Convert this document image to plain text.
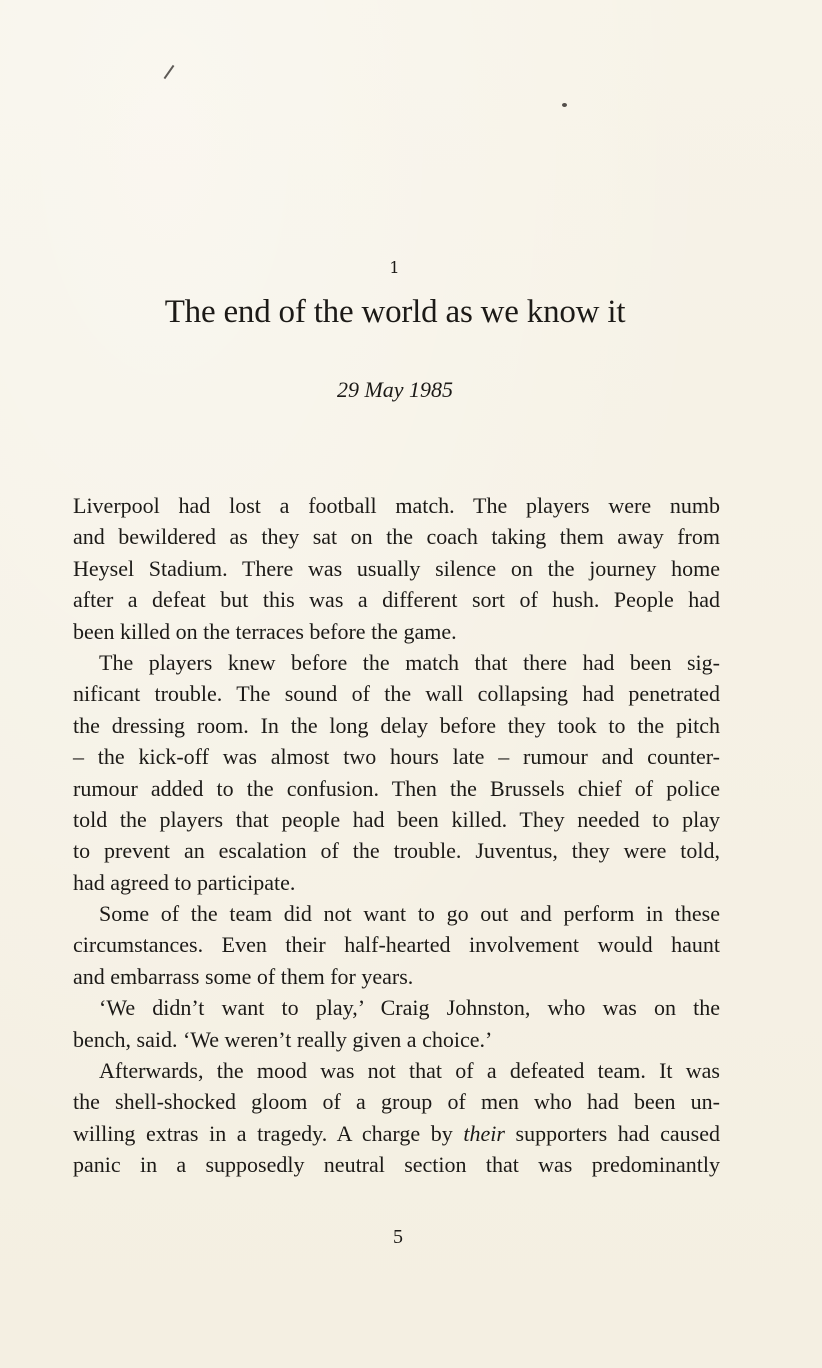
1
The end of the world as we know it
29 May 1985
Liverpool had lost a football match. The players were numb
and bewildered as they sat on the coach taking them away from
Heysel Stadium. There was usually silence on the journey home
after a defeat but this was a different sort of hush. People had
been killed on the terraces before the game.
The players knew before the match that there had been sig-
nificant trouble. The sound of the wall collapsing had penetrated
the dressing room. In the long delay before they took to the pitch
– the kick-off was almost two hours late – rumour and counter-
rumour added to the confusion. Then the Brussels chief of police
told the players that people had been killed. They needed to play
to prevent an escalation of the trouble. Juventus, they were told,
had agreed to participate.
Some of the team did not want to go out and perform in these
circumstances. Even their half-hearted involvement would haunt
and embarrass some of them for years.
‘We didn’t want to play,’ Craig Johnston, who was on the
bench, said. ‘We weren’t really given a choice.’
Afterwards, the mood was not that of a defeated team. It was
the shell-shocked gloom of a group of men who had been un-
willing extras in a tragedy. A charge by their supporters had caused
panic in a supposedly neutral section that was predominantly
5
